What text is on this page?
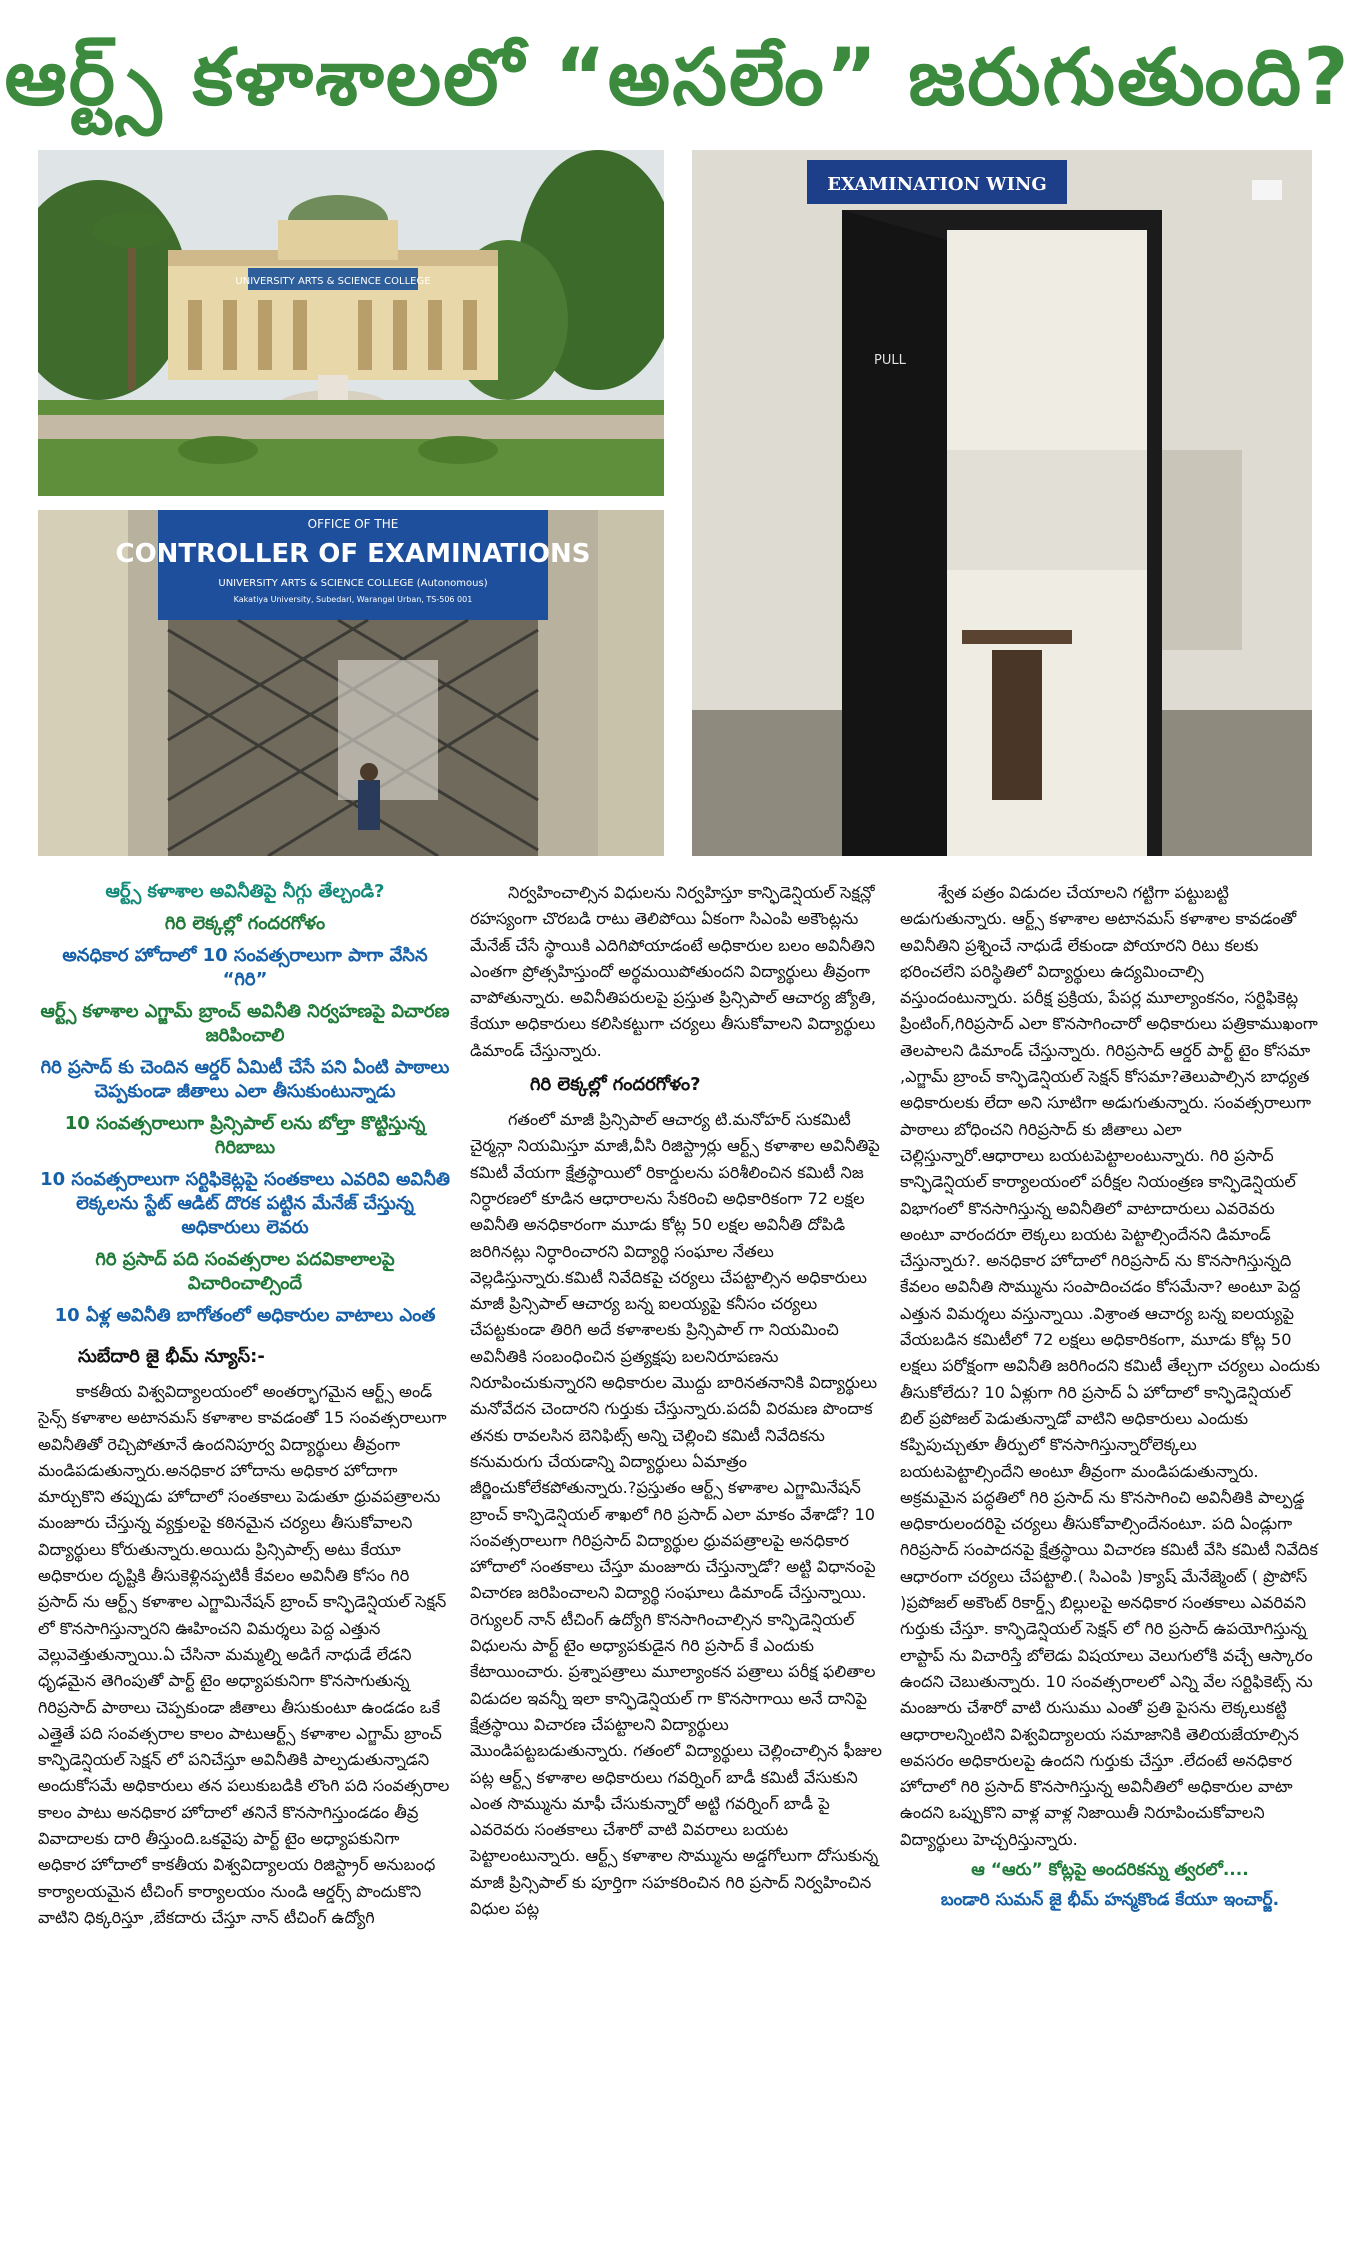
ఆర్ట్స్ కళాశాలలో “అసలేం” జరుగుతుంది?
UNIVERSITY ARTS & SCIENCE COLLEGE
OFFICE OF THE
CONTROLLER OF EXAMINATIONS
UNIVERSITY ARTS & SCIENCE COLLEGE (Autonomous)
Kakatiya University, Subedari, Warangal Urban, TS-506 001
EXAMINATION WING
PULL
ఆర్ట్స్ కళాశాల అవినీతిపై నీగ్గు తేల్చండి?
గిరి లెక్కల్లో గందరగోళం
అనధికార హోదాలో 10 సంవత్సరాలుగా పాగా వేసిన “గిరి”
ఆర్ట్స్ కళాశాల ఎగ్జామ్ బ్రాంచ్ అవినీతి నిర్వహణపై విచారణ జరిపించాలి
గిరి ప్రసాద్ కు చెందిన ఆర్డర్ ఏమిటీ చేసే పని ఏంటి పాఠాలు చెప్పకుండా జీతాలు ఎలా తీసుకుంటున్నాడు
10 సంవత్సరాలుగా ప్రిన్సిపాల్ లను బోల్తా కొట్టిస్తున్న గిరిబాబు
10 సంవత్సరాలుగా సర్టిఫికెట్లపై సంతకాలు ఎవరివి అవినీతి లెక్కలను స్టేట్ ఆడిట్ దొరక పట్టిన మేనేజ్ చేస్తున్న అధికారులు లెవరు
గిరి ప్రసాద్ పది సంవత్సరాల పదవికాలాలపై విచారించాల్సిందే
10 ఏళ్ల అవినీతి బాగోతంలో అధికారుల వాటాలు ఎంత
సుబేదారి జై భీమ్ న్యూస్:-
కాకతీయ విశ్వవిద్యాలయంలో అంతర్భాగమైన ఆర్ట్స్ అండ్ సైన్స్ కళాశాల అటానమస్ కళాశాల కావడంతో 15 సంవత్సరాలుగా అవినీతితో రెచ్చిపోతూనే ఉందనిపూర్వ విద్యార్థులు తీవ్రంగా మండిపడుతున్నారు.అనధికార హోదాను అధికార హోదాగా మార్చుకొని తప్పుడు హోదాలో సంతకాలు పెడుతూ ధ్రువపత్రాలను మంజూరు చేస్తున్న వ్యక్తులపై కఠినమైన చర్యలు తీసుకోవాలని విద్యార్థులు కోరుతున్నారు.అయిదు ప్రిన్సిపాల్స్ అటు కేయూ అధికారుల దృష్టికి తీసుకెళ్లినప్పటికీ కేవలం అవినీతి కోసం గిరి ప్రసాద్ ను ఆర్ట్స్ కళాశాల ఎగ్జామినేషన్ బ్రాంచ్ కాన్ఫిడెన్షియల్ సెక్షన్ లో కొనసాగిస్తున్నారని ఊహించని విమర్శలు పెద్ద ఎత్తున వెల్లువెత్తుతున్నాయి.ఏ చేసినా మమ్మల్ని అడిగే నాధుడే లేడని ధృఢమైన తెగింపుతో పార్ట్ టైం అధ్యాపకునిగా కొనసాగుతున్న గిరిప్రసాద్ పాఠాలు చెప్పకుండా జీతాలు తీసుకుంటూ ఉండడం ఒకే ఎత్తైతే పది సంవత్సరాల కాలం పాటుఆర్ట్స్ కళాశాల ఎగ్జామ్ బ్రాంచ్ కాన్ఫిడెన్షియల్ సెక్షన్ లో పనిచేస్తూ అవినీతికి పాల్పడుతున్నాడని అందుకోసమే అధికారులు తన పలుకుబడికి లొంగి పది సంవత్సరాల కాలం పాటు అనధికార హోదాలో తనినే కొనసాగిస్తుండడం తీవ్ర వివాదాలకు దారి తీస్తుంది.ఒకవైపు పార్ట్ టైం అధ్యాపకునిగా అధికార హోదాలో కాకతీయ విశ్వవిద్యాలయ రిజిస్ట్రార్ అనుబంధ కార్యాలయమైన టీచింగ్ కార్యాలయం నుండి ఆర్డర్స్ పొందుకొని వాటిని ధిక్కరిస్తూ ,బేకదారు చేస్తూ నాన్ టీచింగ్ ఉద్యోగి
నిర్వహించాల్సిన విధులను నిర్వహిస్తూ కాన్ఫిడెన్షియల్ సెక్షన్లో రహస్యంగా చొరబడి రాటు తెలిపోయి ఏకంగా సిఎంపి అకౌంట్లను మేనేజ్ చేసే స్థాయికి ఎదిగిపోయాడంటే అధికారుల బలం అవినీతిని ఎంతగా ప్రోత్సహిస్తుందో అర్థమయిపోతుందని విద్యార్థులు తీవ్రంగా వాపోతున్నారు. అవినీతిపరులపై ప్రస్తుత ప్రిన్సిపాల్ ఆచార్య జ్యోతి, కేయూ అధికారులు కలిసికట్టుగా చర్యలు తీసుకోవాలని విద్యార్థులు డిమాండ్ చేస్తున్నారు.
గిరి లెక్కల్లో గందరగోళం?
గతంలో మాజీ ప్రిన్సిపాల్ ఆచార్య టి.మనోహర్ సుకమిటీ చైర్మన్గా నియమిస్తూ మాజీ,వీసి రిజిస్ట్రార్లు ఆర్ట్స్ కళాశాల అవినీతిపై కమిటీ వేయగా క్షేత్రస్థాయిలో రికార్డులను పరిశీలించిన కమిటీ నిజ నిర్ధారణలో కూడిన ఆధారాలను సేకరించి అధికారికంగా 72 లక్షల అవినీతి అనధికారంగా మూడు కోట్ల 50 లక్షల అవినీతి దోపిడి జరిగినట్లు నిర్ధారించారని విద్యార్థి సంఘాల నేతలు వెల్లడిస్తున్నారు.కమిటీ నివేదికపై చర్యలు చేపట్టాల్సిన అధికారులు మాజీ ప్రిన్సిపాల్ ఆచార్య బన్న ఐలయ్యపై కనీసం చర్యలు చేపట్టకుండా తిరిగి అదే కళాశాలకు ప్రిన్సిపాల్ గా నియమించి అవినీతికి సంబంధించిన ప్రత్యక్షపు బలనిరూపణను నిరూపించుకున్నారని అధికారుల మొద్దు బారినతనానికి విద్యార్థులు మనోవేదన చెందారని గుర్తుకు చేస్తున్నారు.పదవీ విరమణ పొందాక తనకు రావలసిన బెనిఫిట్స్ అన్ని చెల్లించి కమిటీ నివేదికను కనుమరుగు చేయడాన్ని విద్యార్థులు ఏమాత్రం జీర్ణించుకోలేకపోతున్నారు.?ప్రస్తుతం ఆర్ట్స్ కళాశాల ఎగ్జామినేషన్ బ్రాంచ్ కాన్ఫిడెన్షియల్ శాఖలో గిరి ప్రసాద్ ఎలా మాకం వేశాడో? 10 సంవత్సరాలుగా గిరిప్రసాద్ విద్యార్థుల ధ్రువపత్రాలపై అనధికార హోదాలో సంతకాలు చేస్తూ మంజూరు చేస్తున్నాడో? అట్టి విధానంపై విచారణ జరిపించాలని విద్యార్థి సంఘాలు డిమాండ్ చేస్తున్నాయి. రెగ్యులర్ నాన్ టీచింగ్ ఉద్యోగి కొనసాగించాల్సిన కాన్ఫిడెన్షియల్ విధులను పార్ట్ టైం అధ్యాపకుడైన గిరి ప్రసాద్ కే ఎందుకు కేటాయించారు. ప్రశ్నాపత్రాలు మూల్యాంకన పత్రాలు పరీక్ష ఫలితాల విడుదల ఇవన్నీ ఇలా కాన్ఫిడెన్షియల్ గా కొనసాగాయి అనే దానిపై క్షేత్రస్థాయి విచారణ చేపట్టాలని విద్యార్థులు మొండిపట్టబడుతున్నారు. గతంలో విద్యార్థులు చెల్లించాల్సిన ఫీజుల పట్ల ఆర్ట్స్ కళాశాల అధికారులు గవర్నింగ్ బాడీ కమిటీ వేసుకుని ఎంత సొమ్మును మాఫీ చేసుకున్నారో అట్టి గవర్నింగ్ బాడీ పై ఎవరెవరు సంతకాలు చేశారో వాటి వివరాలు బయట పెట్టాలంటున్నారు. ఆర్ట్స్ కళాశాల సొమ్మును అడ్డగోలుగా దోసుకున్న మాజీ ప్రిన్సిపాల్ కు పూర్తిగా సహకరించిన గిరి ప్రసాద్ నిర్వహించిన విధుల పట్ల
శ్వేత పత్రం విడుదల చేయాలని గట్టిగా పట్టుబట్టి అడుగుతున్నారు. ఆర్ట్స్ కళాశాల అటానమస్ కళాశాల కావడంతో అవినీతిని ప్రశ్నించే నాధుడే లేకుండా పోయారని రిటు కలకు భరించలేని పరిస్థితిలో విద్యార్థులు ఉద్యమించాల్సి వస్తుందంటున్నారు. పరీక్ష ప్రక్రియ, పేపర్ల మూల్యాంకనం, సర్టిఫికెట్ల ప్రింటింగ్,గిరిప్రసాద్ ఎలా కొనసాగించారో అధికారులు పత్రికాముఖంగా తెలపాలని డిమాండ్ చేస్తున్నారు. గిరిప్రసాద్ ఆర్డర్ పార్ట్ టైం కోసమా ,ఎగ్జామ్ బ్రాంచ్ కాన్ఫిడెన్షియల్ సెక్షన్ కోసమా?తెలుపాల్సిన బాధ్యత అధికారులకు లేదా అని సూటిగా అడుగుతున్నారు. సంవత్సరాలుగా పాఠాలు బోధించని గిరిప్రసాద్ కు జీతాలు ఎలా చెల్లిస్తున్నారో.ఆధారాలు బయటపెట్టాలంటున్నారు. గిరి ప్రసాద్ కాన్ఫిడెన్షియల్ కార్యాలయంలో పరీక్షల నియంత్రణ కాన్ఫిడెన్షియల్ విభాగంలో కొనసాగిస్తున్న అవినీతిలో వాటాదారులు ఎవరెవరు అంటూ వారందరూ లెక్కలు బయట పెట్టాల్సిందేనని డిమాండ్ చేస్తున్నారు?. అనధికార హోదాలో గిరిప్రసాద్ ను కొనసాగిస్తున్నది కేవలం అవినీతి సొమ్మును సంపాదించడం కోసమేనా? అంటూ పెద్ద ఎత్తున విమర్శలు వస్తున్నాయి .విశ్రాంత ఆచార్య బన్న ఐలయ్యపై వేయబడిన కమిటీలో 72 లక్షలు అధికారికంగా, మూడు కోట్ల 50 లక్షలు పరోక్షంగా అవినీతి జరిగిందని కమిటీ తేల్చగా చర్యలు ఎందుకు తీసుకోలేదు? 10 ఏళ్లుగా గిరి ప్రసాద్ ఏ హోదాలో కాన్ఫిడెన్షియల్ బిల్ ప్రపోజల్ పెడుతున్నాడో వాటిని అధికారులు ఎందుకు కప్పిపుచ్చుతూ తీర్పులో కొనసాగిస్తున్నారోలెక్కలు బయటపెట్టాల్సిందేని అంటూ తీవ్రంగా మండిపడుతున్నారు. అక్రమమైన పద్ధతిలో గిరి ప్రసాద్ ను కొనసాగించి అవినీతికి పాల్పడ్డ అధికారులందరిపై చర్యలు తీసుకోవాల్సిందేనంటూ. పది ఏండ్లుగా గిరిప్రసాద్ సంపాదనపై క్షేత్రస్థాయి విచారణ కమిటీ వేసి కమిటీ నివేదిక ఆధారంగా చర్యలు చేపట్టాలి.( సిఎంపి )క్యాష్ మేనేజ్మెంట్ ( ప్రొపోస్ )ప్రపోజల్ అకౌంట్ రికార్డ్స్ బిల్లులపై అనధికార సంతకాలు ఎవరివని గుర్తుకు చేస్తూ. కాన్ఫిడెన్షియల్ సెక్షన్ లో గిరి ప్రసాద్ ఉపయోగిస్తున్న లాప్టాప్ ను విచారిస్తే బోలెడు విషయాలు వెలుగులోకి వచ్చే ఆస్కారం ఉందని చెబుతున్నారు. 10 సంవత్సరాలలో ఎన్ని వేల సర్టిఫికెట్స్ ను మంజూరు చేశారో వాటి రుసుము ఎంతో ప్రతి పైసను లెక్కలుకట్టి ఆధారాలన్నింటిని విశ్వవిద్యాలయ సమాజానికి తెలియజేయాల్సిన అవసరం అధికారులపై ఉందని గుర్తుకు చేస్తూ .లేదంటే అనధికార హోదాలో గిరి ప్రసాద్ కొనసాగిస్తున్న అవినీతిలో అధికారుల వాటా ఉందని ఒప్పుకొని వాళ్ల వాళ్ల నిజాయితీ నిరూపించుకోవాలని విద్యార్థులు హెచ్చరిస్తున్నారు.
ఆ “ఆరు” కోట్లపై అందరికన్ను త్వరలో....
బండారి సుమన్ జై భీమ్ హన్మకొండ కేయూ ఇంచార్జ్.
